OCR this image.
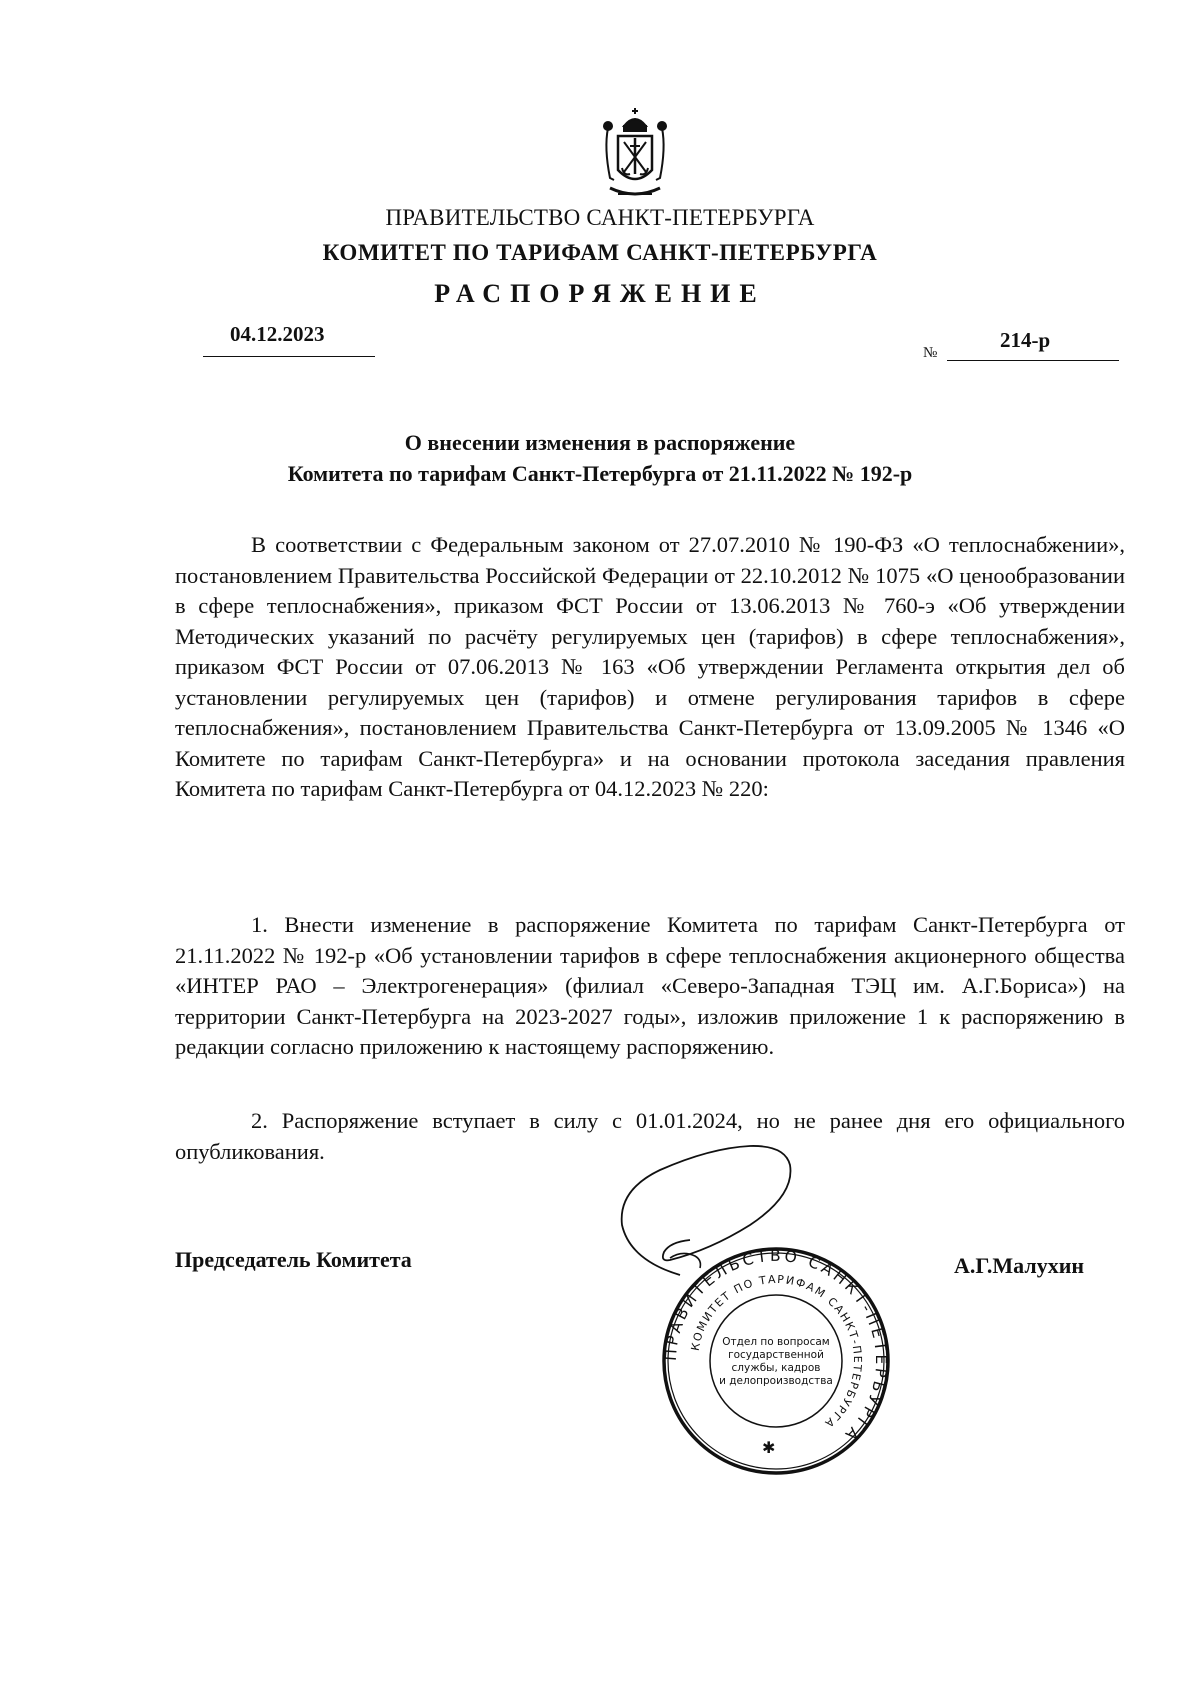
ПРАВИТЕЛЬСТВО САНКТ-ПЕТЕРБУРГА
КОМИТЕТ ПО ТАРИФАМ САНКТ-ПЕТЕРБУРГА
РАСПОРЯЖЕНИЕ
04.12.2023
№
214-р
О внесении изменения в распоряжение
Комитета по тарифам Санкт-Петербурга от 21.11.2022 № 192-р

В соответствии с Федеральным законом от 27.07.2010 № 190-ФЗ «О теплоснабжении», постановлением Правительства Российской Федерации от 22.10.2012 № 1075 «О ценообразовании в сфере теплоснабжения», приказом ФСТ России от 13.06.2013 № 760-э «Об утверждении Методических указаний по расчёту регулируемых цен (тарифов) в сфере теплоснабжения», приказом ФСТ России от 07.06.2013 № 163 «Об утверждении Регламента открытия дел об установлении регулируемых цен (тарифов) и отмене регулирования тарифов в сфере теплоснабжения», постановлением Правительства Санкт-Петербурга от 13.09.2005 № 1346 «О Комитете по тарифам Санкт-Петербурга» и на основании протокола заседания правления Комитета по тарифам Санкт-Петербурга от 04.12.2023 № 220:

1. Внести изменение в распоряжение Комитета по тарифам Санкт-Петербурга от 21.11.2022 № 192-р «Об установлении тарифов в сфере теплоснабжения акционерного общества «ИНТЕР РАО – Электрогенерация» (филиал «Северо-Западная ТЭЦ им. А.Г.Бориса») на территории Санкт-Петербурга на 2023-2027 годы», изложив приложение 1 к распоряжению в редакции согласно приложению к настоящему распоряжению.

2. Распоряжение вступает в силу с 01.01.2024, но не ранее дня его официального опубликования.

Председатель Комитета	А.Г.Малухин
ПРАВИТЕЛЬСТВО САНКТ-ПЕТЕРБУРГА
КОМИТЕТ ПО ТАРИФАМ САНКТ-ПЕТЕРБУРГА
Отдел по вопросам
государственной
службы, кадров
и делопроизводства
✱
